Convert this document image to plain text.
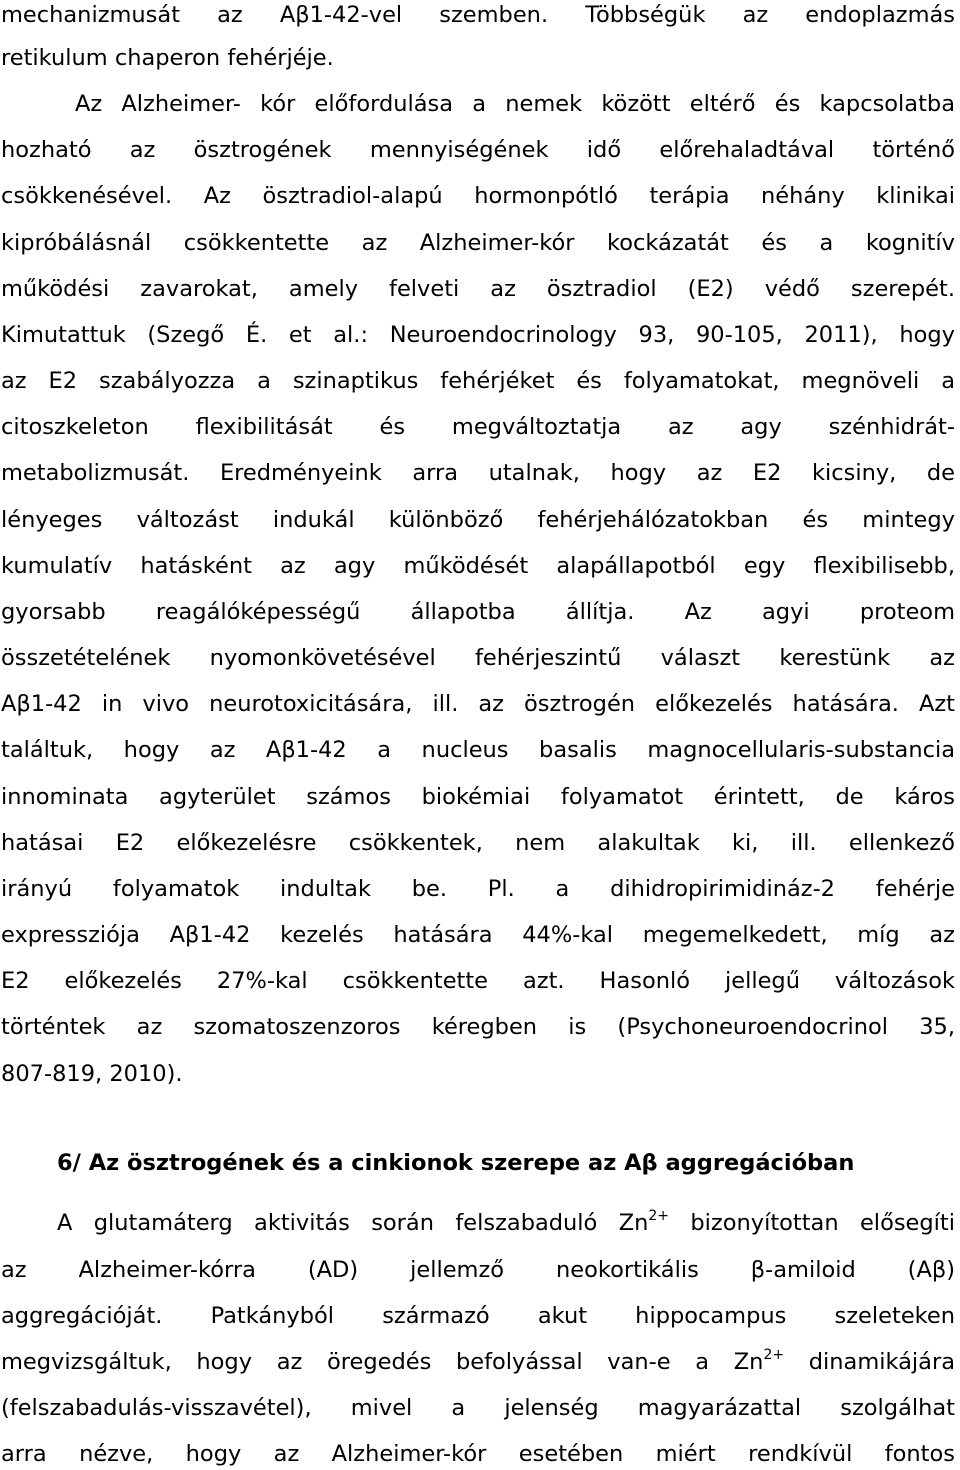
mechanizmusát az Aβ1-42-vel szemben. Többségük az endoplazmás
retikulum chaperon fehérjéje.
Az Alzheimer- kór előfordulása a nemek között eltérő és kapcsolatba
hozható az ösztrogének mennyiségének idő előrehaladtával történő
csökkenésével. Az ösztradiol-alapú hormonpótló terápia néhány klinikai
kipróbálásnál csökkentette az Alzheimer-kór kockázatát és a kognitív
működési zavarokat, amely felveti az ösztradiol (E2) védő szerepét.
Kimutattuk (Szegő É. et al.: Neuroendocrinology 93, 90-105, 2011), hogy
az E2 szabályozza a szinaptikus fehérjéket és folyamatokat, megnöveli a
citoszkeleton flexibilitását és megváltoztatja az agy szénhidrát-
metabolizmusát. Eredményeink arra utalnak, hogy az E2 kicsiny, de
lényeges változást indukál különböző fehérjehálózatokban és mintegy
kumulatív hatásként az agy működését alapállapotból egy flexibilisebb,
gyorsabb reagálóképességű állapotba állítja. Az agyi proteom
összetételének nyomonkövetésével fehérjeszintű választ kerestünk az
Aβ1-42 in vivo neurotoxicitására, ill. az ösztrogén előkezelés hatására. Azt
találtuk, hogy az Aβ1-42 a nucleus basalis magnocellularis-substancia
innominata agyterület számos biokémiai folyamatot érintett, de káros
hatásai E2 előkezelésre csökkentek, nem alakultak ki, ill. ellenkező
irányú folyamatok indultak be. Pl. a dihidropirimidináz-2 fehérje
expressziója Aβ1-42 kezelés hatására 44%-kal megemelkedett, míg az
E2 előkezelés 27%-kal csökkentette azt. Hasonló jellegű változások
történtek az szomatoszenzoros kéregben is (Psychoneuroendocrinol 35,
807-819, 2010).
6/ Az ösztrogének és a cinkionok szerepe az Aβ aggregációban
A glutamáterg aktivitás során felszabaduló $Zn^{2+}$ bizonyítottan elősegíti
az Alzheimer-kórra (AD) jellemző neokortikális β-amiloid (Aβ)
aggregációját. Patkányból származó akut hippocampus szeleteken
megvizsgáltuk, hogy az öregedés befolyással van-e a $Zn^{2+}$ dinamikájára
(felszabadulás-visszavétel), mivel a jelenség magyarázattal szolgálhat
arra nézve, hogy az Alzheimer-kór esetében miért rendkívül fontos
